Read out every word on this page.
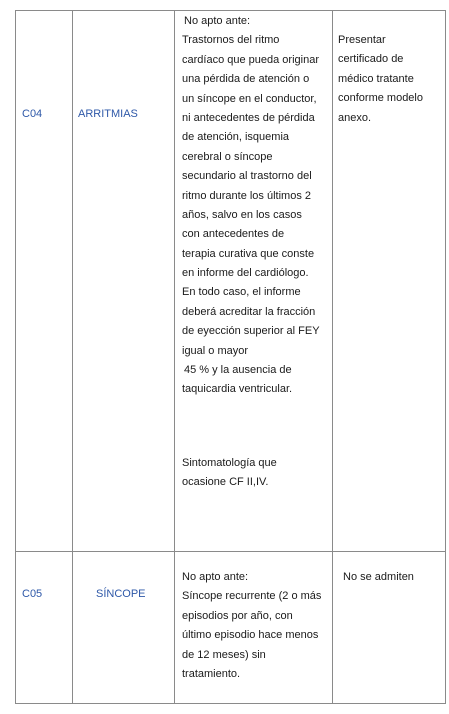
C04	ARRITMIAS
No apto ante:
Trastornos del ritmo
cardíaco que pueda originar
una pérdida de atención o
un síncope en el conductor,
ni antecedentes de pérdida
de atención, isquemia
cerebral o síncope
secundario al trastorno del
ritmo durante los últimos 2
años, salvo en los casos
con antecedentes de
terapia curativa que conste
en informe del cardiólogo.
En todo caso, el informe
deberá acreditar la fracción
de eyección superior al FEY
igual o mayor
45 % y la ausencia de
taquicardia ventricular.
Sintomatología que
ocasione CF II,IV.
Presentar
certificado de
médico tratante
conforme modelo
anexo.
C05	SÍNCOPE
No apto ante:
Síncope recurrente (2 o más
episodios por año, con
último episodio hace menos
de 12 meses) sin
tratamiento.
No se admiten
